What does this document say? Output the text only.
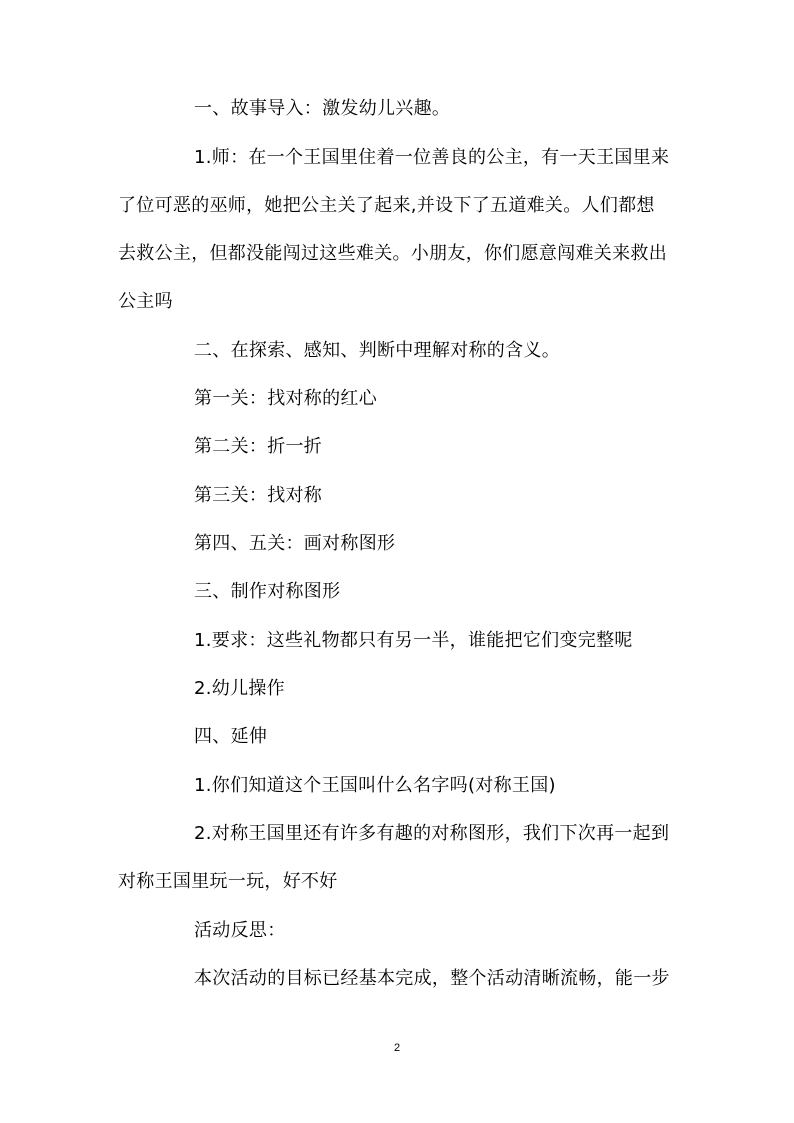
一、故事导入：激发幼儿兴趣。
1.师：在一个王国里住着一位善良的公主，有一天王国里来
了位可恶的巫师，她把公主关了起来,并设下了五道难关。人们都想
去救公主，但都没能闯过这些难关。小朋友，你们愿意闯难关来救出
公主吗
二、在探索、感知、判断中理解对称的含义。
第一关：找对称的红心
第二关：折一折
第三关：找对称
第四、五关：画对称图形
三、制作对称图形
1.要求：这些礼物都只有另一半，谁能把它们变完整呢
2.幼儿操作
四、延伸
1.你们知道这个王国叫什么名字吗(对称王国)
2.对称王国里还有许多有趣的对称图形，我们下次再一起到
对称王国里玩一玩，好不好
活动反思：
本次活动的目标已经基本完成，整个活动清晰流畅，能一步
2
